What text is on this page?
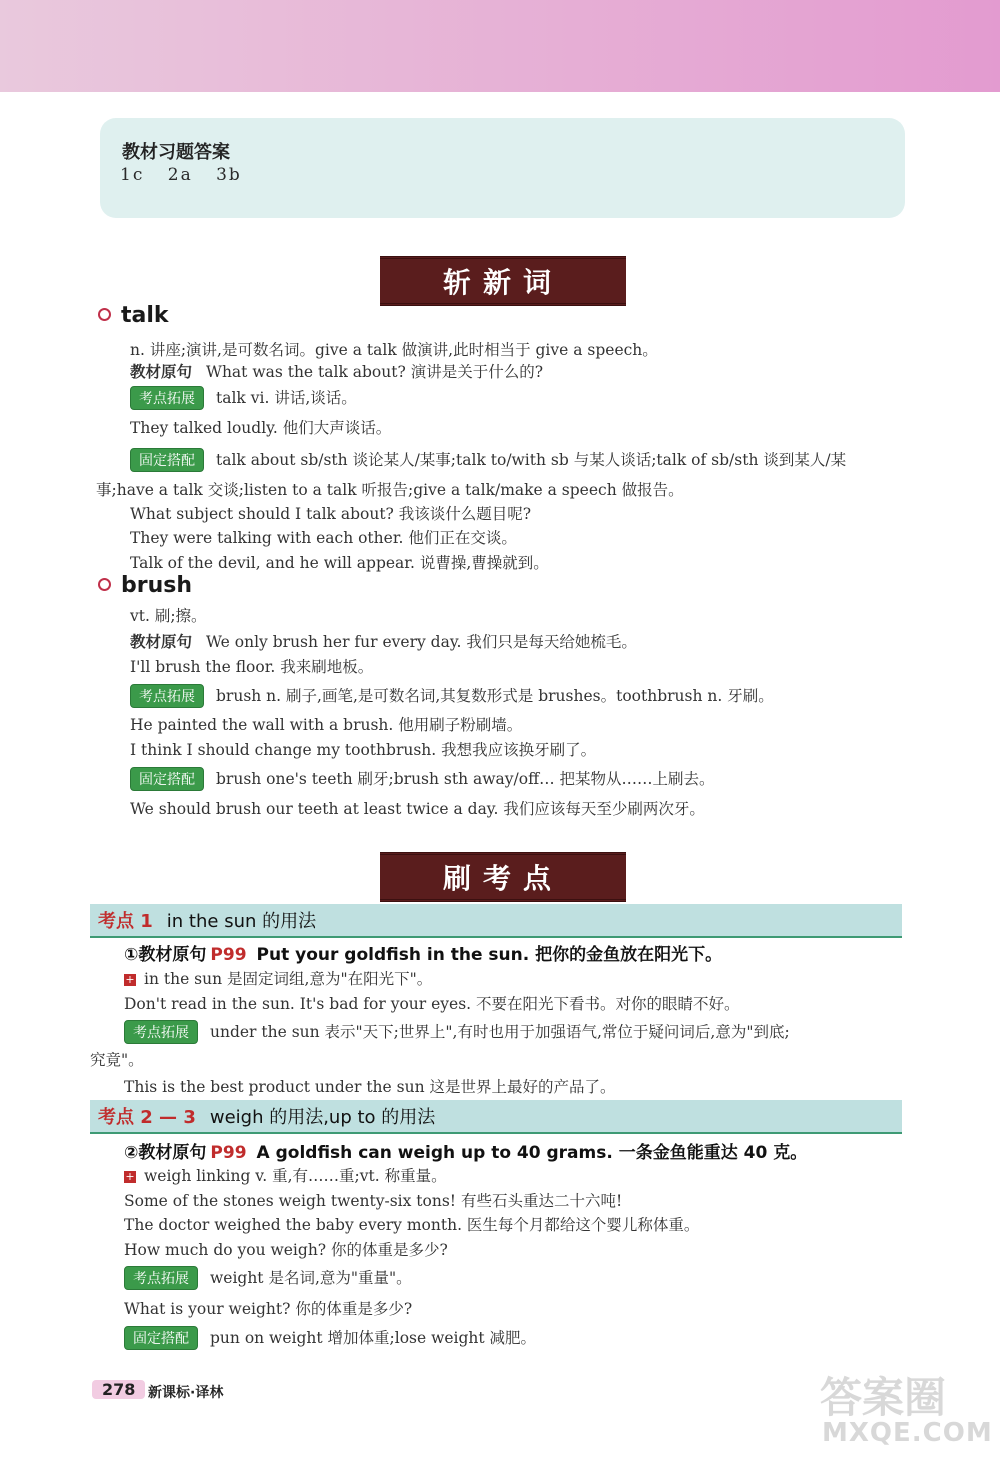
教材习题答案
1c 2a 3b
斩新词
talk
n. 讲座;演讲,是可数名词。give a talk 做演讲,此时相当于 give a speech。
教材原句 What was the talk about? 演讲是关于什么的?
考点拓展 talk vi. 讲话,谈话。
They talked loudly. 他们大声谈话。
固定搭配 talk about sb/sth 谈论某人/某事;talk to/with sb 与某人谈话;talk of sb/sth 谈到某人/某
事;have a talk 交谈;listen to a talk 听报告;give a talk/make a speech 做报告。
What subject should I talk about? 我该谈什么题目呢?
They were talking with each other. 他们正在交谈。
Talk of the devil, and he will appear. 说曹操,曹操就到。
brush
vt. 刷;擦。
教材原句 We only brush her fur every day. 我们只是每天给她梳毛。
I'll brush the floor. 我来刷地板。
考点拓展 brush n. 刷子,画笔,是可数名词,其复数形式是 brushes。toothbrush n. 牙刷。
He painted the wall with a brush. 他用刷子粉刷墙。
I think I should change my toothbrush. 我想我应该换牙刷了。
固定搭配 brush one's teeth 刷牙;brush sth away/off… 把某物从……上刷去。
We should brush our teeth at least twice a day. 我们应该每天至少刷两次牙。
刷考点
考点 1 in the sun 的用法
①教材原句 P99 Put your goldfish in the sun. 把你的金鱼放在阳光下。
+ in the sun 是固定词组,意为"在阳光下"。
Don't read in the sun. It's bad for your eyes. 不要在阳光下看书。对你的眼睛不好。
考点拓展 under the sun 表示"天下;世界上",有时也用于加强语气,常位于疑问词后,意为"到底;
究竟"。
This is the best product under the sun 这是世界上最好的产品了。
考点 2 — 3 weigh 的用法,up to 的用法
②教材原句 P99 A goldfish can weigh up to 40 grams. 一条金鱼能重达 40 克。
+ weigh linking v. 重,有……重;vt. 称重量。
Some of the stones weigh twenty-six tons! 有些石头重达二十六吨!
The doctor weighed the baby every month. 医生每个月都给这个婴儿称体重。
How much do you weigh? 你的体重是多少?
考点拓展 weight 是名词,意为"重量"。
What is your weight? 你的体重是多少?
固定搭配 pun on weight 增加体重;lose weight 减肥。
278 新课标·译林	答案圈
MXQE.COM
